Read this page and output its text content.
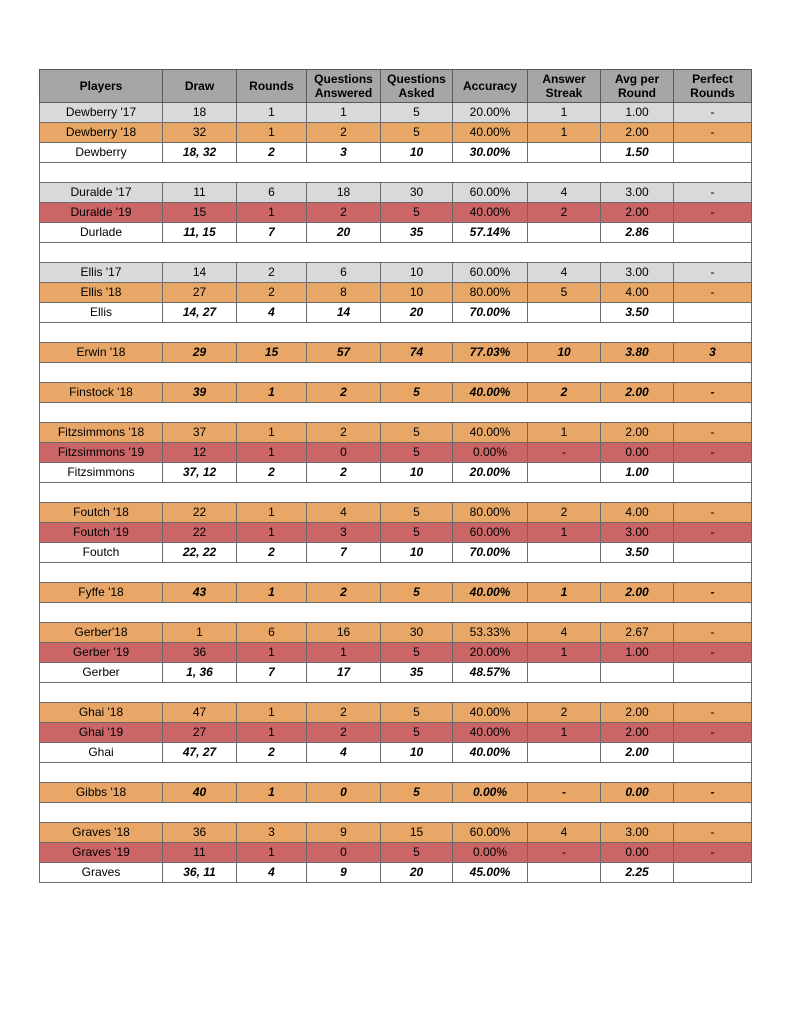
Players	Draw	Rounds	Questions Answered	Questions Asked	Accuracy	Answer Streak	Avg per Round	Perfect Rounds
Dewberry '17	18	1	1	5	20.00%	1	1.00	-
Dewberry '18	32	1	2	5	40.00%	1	2.00	-
Dewberry	18, 32	2	3	10	30.00%		1.50	

Duralde '17	11	6	18	30	60.00%	4	3.00	-
Duralde '19	15	1	2	5	40.00%	2	2.00	-
Durlade	11, 15	7	20	35	57.14%		2.86	

Ellis '17	14	2	6	10	60.00%	4	3.00	-
Ellis '18	27	2	8	10	80.00%	5	4.00	-
Ellis	14, 27	4	14	20	70.00%		3.50	

Erwin '18	29	15	57	74	77.03%	10	3.80	3

Finstock '18	39	1	2	5	40.00%	2	2.00	-

Fitzsimmons '18	37	1	2	5	40.00%	1	2.00	-
Fitzsimmons '19	12	1	0	5	0.00%	-	0.00	-
Fitzsimmons	37, 12	2	2	10	20.00%		1.00	

Foutch '18	22	1	4	5	80.00%	2	4.00	-
Foutch '19	22	1	3	5	60.00%	1	3.00	-
Foutch	22, 22	2	7	10	70.00%		3.50	

Fyffe '18	43	1	2	5	40.00%	1	2.00	-

Gerber'18	1	6	16	30	53.33%	4	2.67	-
Gerber '19	36	1	1	5	20.00%	1	1.00	-
Gerber	1, 36	7	17	35	48.57%			

Ghai '18	47	1	2	5	40.00%	2	2.00	-
Ghai '19	27	1	2	5	40.00%	1	2.00	-
Ghai	47, 27	2	4	10	40.00%		2.00	

Gibbs '18	40	1	0	5	0.00%	-	0.00	-

Graves '18	36	3	9	15	60.00%	4	3.00	-
Graves '19	11	1	0	5	0.00%	-	0.00	-
Graves	36, 11	4	9	20	45.00%		2.25	
